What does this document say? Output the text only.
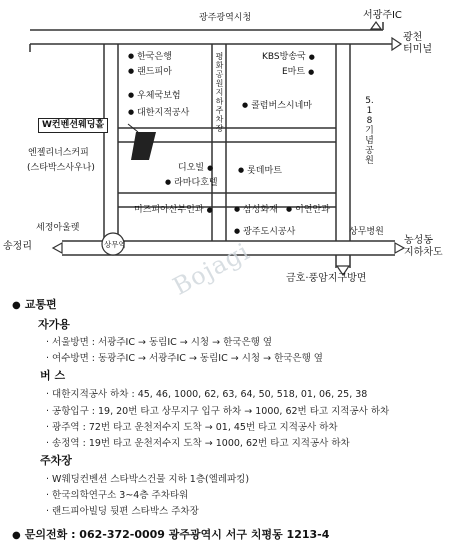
광주광역시청	서광주IC
광천
터미널
평화공원지하주차장
5.18기념공원
● 한국은행
● 랜드피아
● 우체국보험
● 대한지적공사
KBS방송국 ●
E마트 ●
● 콜럼버스시네마
W컨벤션웨딩홀
엔젤리너스커피
(스타박스사우나)	디오빌 ●
● 라마다호텔
● 롯데마트
미즈피아산부인과 ●	● 삼성화재	● 이연안과
● 광주도시공사
세정아울렛	상무병원
송정리
농성동
지하차도
금호·풍암지구방면
상무역 Bojagi
● 교통편
자가용
· 서울방면 : 서광주IC → 동림IC → 시청 → 한국은행 옆
· 여수방면 : 동광주IC → 서광주IC → 동림IC → 시청 → 한국은행 옆
버 스
· 대한지적공사 하차 : 45, 46, 1000, 62, 63, 64, 50, 518, 01, 06, 25, 38
· 공항입구 : 19, 20번 타고 상무지구 입구 하차 → 1000, 62번 타고 지적공사 하차
· 광주역 : 72번 타고 운천저수지 도착 → 01, 45번 타고 지적공사 하차
· 송정역 : 19번 타고 운천저수지 도착 → 1000, 62번 타고 지적공사 하차
주차장
· W웨딩컨벤션 스타박스건물 지하 1층(엘레파킹)
· 한국의학연구소 3~4층 주차타워
· 랜드피아빌딩 뒷편 스타박스 주차장
● 문의전화 : 062-372-0009 광주광역시 서구 치평동 1213-4
